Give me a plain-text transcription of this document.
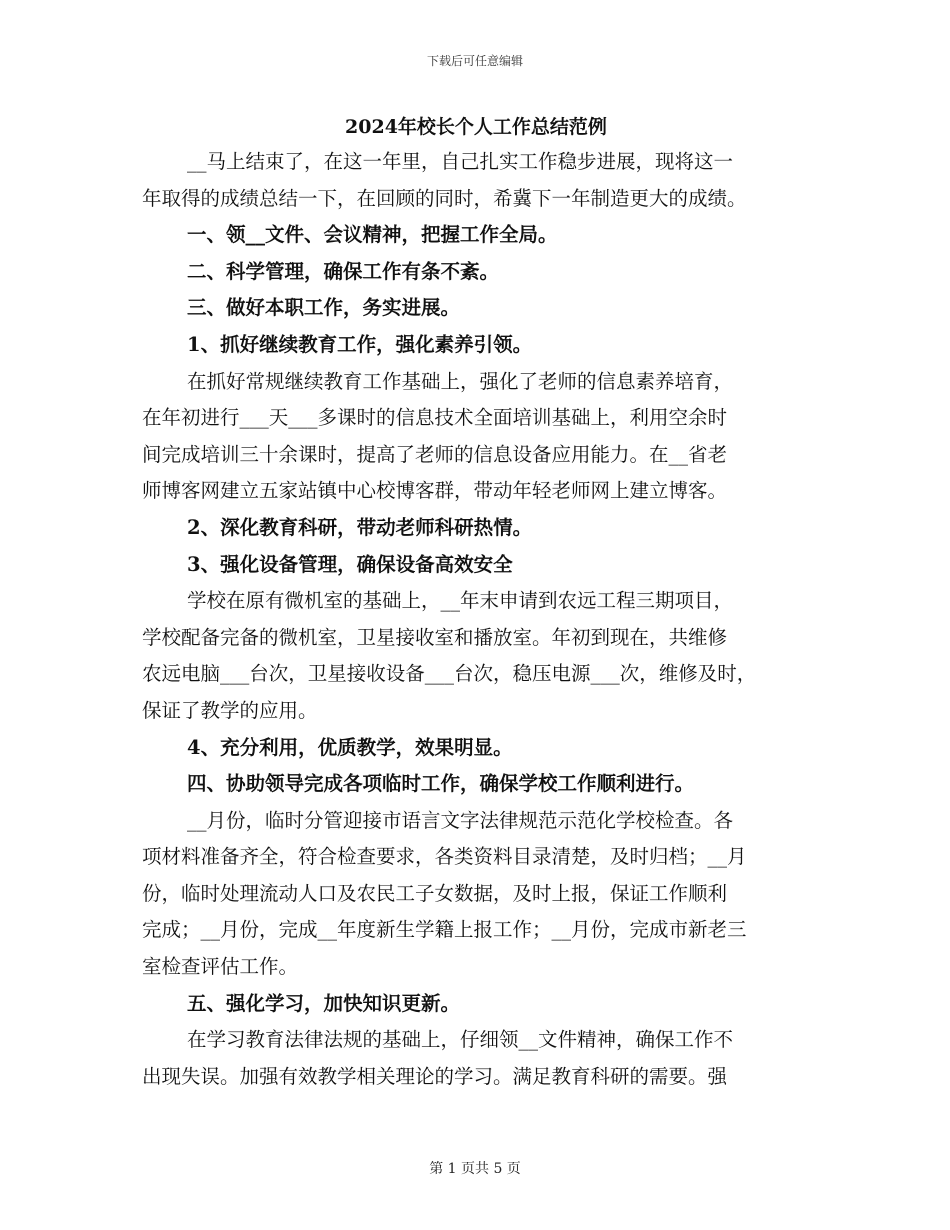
下载后可任意编辑
2024年校长个人工作总结范例
__马上结束了，在这一年里，自己扎实工作稳步进展，现将这一
年取得的成绩总结一下，在回顾的同时，希冀下一年制造更大的成绩。
一、领__文件、会议精神，把握工作全局。
二、科学管理，确保工作有条不紊。
三、做好本职工作，务实进展。
1、抓好继续教育工作，强化素养引领。
在抓好常规继续教育工作基础上，强化了老师的信息素养培育，
在年初进行___天___多课时的信息技术全面培训基础上，利用空余时
间完成培训三十余课时，提高了老师的信息设备应用能力。在__省老
师博客网建立五家站镇中心校博客群，带动年轻老师网上建立博客。
2、深化教育科研，带动老师科研热情。
3、强化设备管理，确保设备高效安全
学校在原有微机室的基础上，__年末申请到农远工程三期项目，
学校配备完备的微机室，卫星接收室和播放室。年初到现在，共维修
农远电脑___台次，卫星接收设备___台次，稳压电源___次，维修及时，
保证了教学的应用。
4、充分利用，优质教学，效果明显。
四、协助领导完成各项临时工作，确保学校工作顺利进行。
__月份，临时分管迎接市语言文字法律规范示范化学校检查。各
项材料准备齐全，符合检查要求，各类资料目录清楚，及时归档；__月
份，临时处理流动人口及农民工子女数据，及时上报，保证工作顺利
完成；__月份，完成__年度新生学籍上报工作；__月份，完成市新老三
室检查评估工作。
五、强化学习，加快知识更新。
在学习教育法律法规的基础上，仔细领__文件精神，确保工作不
出现失误。加强有效教学相关理论的学习。满足教育科研的需要。强
第 1 页共 5 页
